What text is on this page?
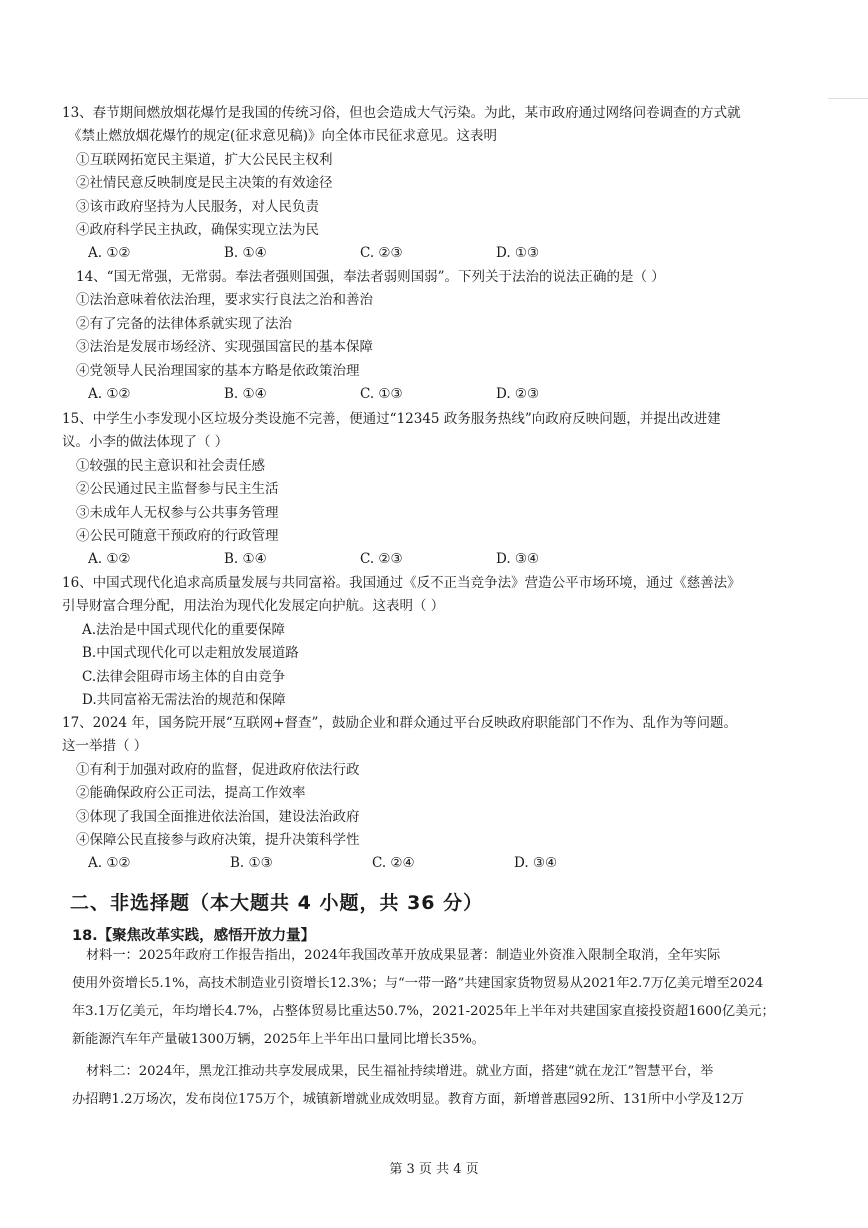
13、春节期间燃放烟花爆竹是我国的传统习俗，但也会造成大气污染。为此，某市政府通过网络问卷调查的方式就
《禁止燃放烟花爆竹的规定(征求意见稿)》向全体市民征求意见。这表明
①互联网拓宽民主渠道，扩大公民民主权利
②社情民意反映制度是民主决策的有效途径
③该市政府坚持为人民服务，对人民负责
④政府科学民主执政，确保实现立法为民
A. ①②	B. ①④	C. ②③	D. ①③
14、“国无常强，无常弱。奉法者强则国强，奉法者弱则国弱”。下列关于法治的说法正确的是（ ）
①法治意味着依法治理，要求实行良法之治和善治
②有了完备的法律体系就实现了法治
③法治是发展市场经济、实现强国富民的基本保障
④党领导人民治理国家的基本方略是依政策治理
A. ①②	B. ①④	C. ①③	D. ②③
15、中学生小李发现小区垃圾分类设施不完善，便通过“12345 政务服务热线”向政府反映问题，并提出改进建
议。小李的做法体现了（ ）
①较强的民主意识和社会责任感
②公民通过民主监督参与民主生活
③未成年人无权参与公共事务管理
④公民可随意干预政府的行政管理
A. ①②	B. ①④	C. ②③	D. ③④
16、中国式现代化追求高质量发展与共同富裕。我国通过《反不正当竞争法》营造公平市场环境，通过《慈善法》
引导财富合理分配，用法治为现代化发展定向护航。这表明（ ）
A.法治是中国式现代化的重要保障
B.中国式现代化可以走粗放发展道路
C.法律会阻碍市场主体的自由竞争
D.共同富裕无需法治的规范和保障
17、2024 年，国务院开展“互联网+督查”，鼓励企业和群众通过平台反映政府职能部门不作为、乱作为等问题。
这一举措（ ）
①有利于加强对政府的监督，促进政府依法行政
②能确保政府公正司法，提高工作效率
③体现了我国全面推进依法治国，建设法治政府
④保障公民直接参与政府决策，提升决策科学性
A. ①②	B. ①③	C. ②④	D. ③④
二、非选择题（本大题共 4 小题，共 36 分）
18.【聚焦改革实践，感悟开放力量】
材料一：2025年政府工作报告指出，2024年我国改革开放成果显著：制造业外资准入限制全取消，全年实际
使用外资增长5.1%，高技术制造业引资增长12.3%；与“一带一路”共建国家货物贸易从2021年2.7万亿美元增至2024
年3.1万亿美元，年均增长4.7%，占整体贸易比重达50.7%，2021-2025年上半年对共建国家直接投资超1600亿美元；
新能源汽车年产量破1300万辆，2025年上半年出口量同比增长35%。
材料二：2024年，黑龙江推动共享发展成果，民生福祉持续增进。就业方面，搭建“就在龙江”智慧平台，举
办招聘1.2万场次，发布岗位175万个，城镇新增就业成效明显。教育方面，新增普惠园92所、131所中小学及12万
第 3 页 共 4 页
